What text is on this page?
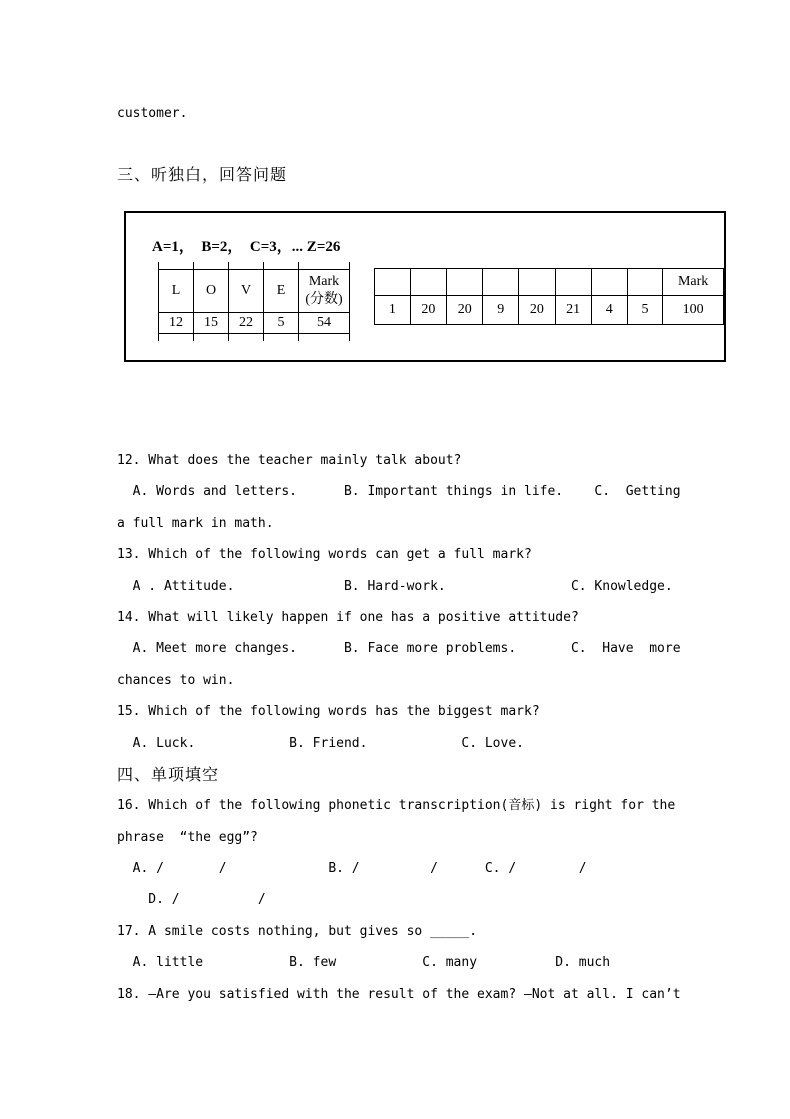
customer.
三、听独白，回答问题
A=1，  B=2，  C=3，... Z=26

L	O	V	E	Mark
(分数)

12	15	22	5	54

								Mark
1	20	20	9	20	21	4	5	100
12. What does the teacher mainly talk about?
A. Words and letters.      B. Important things in life.    C.  Getting
a full mark in math.
13. Which of the following words can get a full mark?
A . Attitude.              B. Hard-work.                C. Knowledge.
14. What will likely happen if one has a positive attitude?
A. Meet more changes.      B. Face more problems.       C.  Have  more
chances to win.
15. Which of the following words has the biggest mark?
A. Luck.            B. Friend.            C. Love.
四、单项填空
16. Which of the following phonetic transcription(音标) is right for the
phrase  “the egg”?
A. /       /             B. /         /      C. /        /
D. /          /
17. A smile costs nothing, but gives so _____.
A. little           B. few           C. many          D. much
18. —Are you satisfied with the result of the exam? —Not at all. I can’t
